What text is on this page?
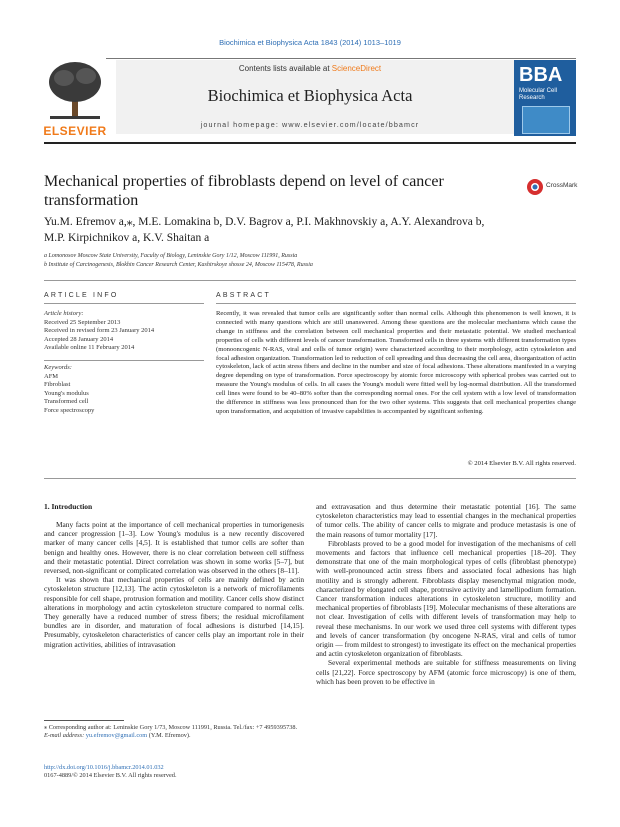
Biochimica et Biophysica Acta 1843 (2014) 1013–1019
ELSEVIER
Contents lists available at ScienceDirect
Biochimica et Biophysica Acta
journal homepage: www.elsevier.com/locate/bbamcr
BBA
Molecular Cell Research
Mechanical properties of fibroblasts depend on level of cancer transformation
CrossMark
Yu.M. Efremov a,⁎, M.E. Lomakina b, D.V. Bagrov a, P.I. Makhnovskiy a, A.Y. Alexandrova b,
M.P. Kirpichnikov a, K.V. Shaitan a
a Lomonosov Moscow State University, Faculty of Biology, Leninskie Gory 1/12, Moscow 111991, Russia
b Institute of Carcinogenesis, Blokhin Cancer Research Center, Kashirskoye shosse 24, Moscow 115478, Russia
ARTICLE INFO
Article history:
Received 25 September 2013
Received in revised form 23 January 2014
Accepted 28 January 2014
Available online 11 February 2014
Keywords:
AFM
Fibroblast
Young's modulus
Transformed cell
Force spectroscopy
ABSTRACT
Recently, it was revealed that tumor cells are significantly softer than normal cells. Although this phenomenon is well known, it is connected with many questions which are still unanswered. Among these questions are the molecular mechanisms which cause the change in stiffness and the correlation between cell mechanical properties and their metastatic potential. We studied mechanical properties of cells with different levels of cancer transformation. Transformed cells in three systems with different transformation types (monooncogenic N-RAS, viral and cells of tumor origin) were characterized according to their morphology, actin cytoskeleton and focal adhesion organization. Transformation led to reduction of cell spreading and thus decreasing the cell area, disorganization of actin cytoskeleton, lack of actin stress fibers and decline in the number and size of focal adhesions. These alterations manifested in a varying degree depending on type of transformation. Force spectroscopy by atomic force microscopy with spherical probes was carried out to measure the Young's modulus of cells. In all cases the Young's moduli were fitted well by log-normal distribution. All the transformed cell lines were found to be 40–80% softer than the corresponding normal ones. For the cell system with a low level of transformation the difference in stiffness was less pronounced than for the two other systems. This suggests that cell mechanical properties change upon transformation, and acquisition of invasive capabilities is accompanied by significant softening.
© 2014 Elsevier B.V. All rights reserved.
1. Introduction

Many facts point at the importance of cell mechanical properties in tumorigenesis and cancer progression [1–3]. Low Young's modulus is a new recently discovered marker of many cancer cells [4,5]. It is established that tumor cells are softer than benign and healthy ones. However, there is no clear correlation between cell stiffness and their metastatic potential. Direct correlation was shown in some works [5–7], but reversed, non-significant or complicated correlation was observed in the others [8–11].

It was shown that mechanical properties of cells are mainly defined by actin cytoskeleton structure [12,13]. The actin cytoskeleton is a network of microfilaments responsible for cell shape, protrusion formation and motility. Cancer cells show distinct alterations in morphology and actin cytoskeleton structure compared to normal cells. They generally have a reduced number of stress fibers; the residual microfilament bundles are in disorder, and maturation of focal adhesions is disturbed [14,15]. Presumably, cytoskeleton characteristics of cancer cells play an important role in their migration activities, abilities of intravasation

⁎ Corresponding author at: Leninskie Gory 1/73, Moscow 111991, Russia. Tel./fax: +7 4959395738.
E-mail address: yu.efremov@gmail.com (Y.M. Efremov).
http://dx.doi.org/10.1016/j.bbamcr.2014.01.032
0167-4889/© 2014 Elsevier B.V. All rights reserved.

and extravasation and thus determine their metastatic potential [16]. The same cytoskeleton characteristics may lead to essential changes in the mechanical properties of tumor cells. The ability of cancer cells to migrate and produce metastasis is one of the main reasons of tumor mortality [17].

Fibroblasts proved to be a good model for investigation of the mechanisms of cell movements and factors that influence cell mechanical properties [18–20]. They demonstrate that one of the main morphological types of cells (fibroblast phenotype) with well-pronounced actin stress fibers and associated focal adhesions has high motility and is strongly adherent. Fibroblasts display mesenchymal migration mode, characterized by elongated cell shape, protrusive activity and lamellipodium formation. Cancer transformation induces alterations in cytoskeleton structure, motility and mechanical properties of fibroblasts [19]. Molecular mechanisms of these alterations are not clear. Investigation of cells with different levels of transformation may help to reveal these mechanisms. In our work we used three cell systems with different types and levels of cancer transformation (by oncogene N-RAS, viral and cells of tumor origin — from mildest to strongest) to investigate its effect on the mechanical properties and actin cytoskeleton organization of fibroblasts.

Several experimental methods are suitable for stiffness measurements on living cells [21,22]. Force spectroscopy by AFM (atomic force microscopy) is one of them, which has been proven to be effective in
